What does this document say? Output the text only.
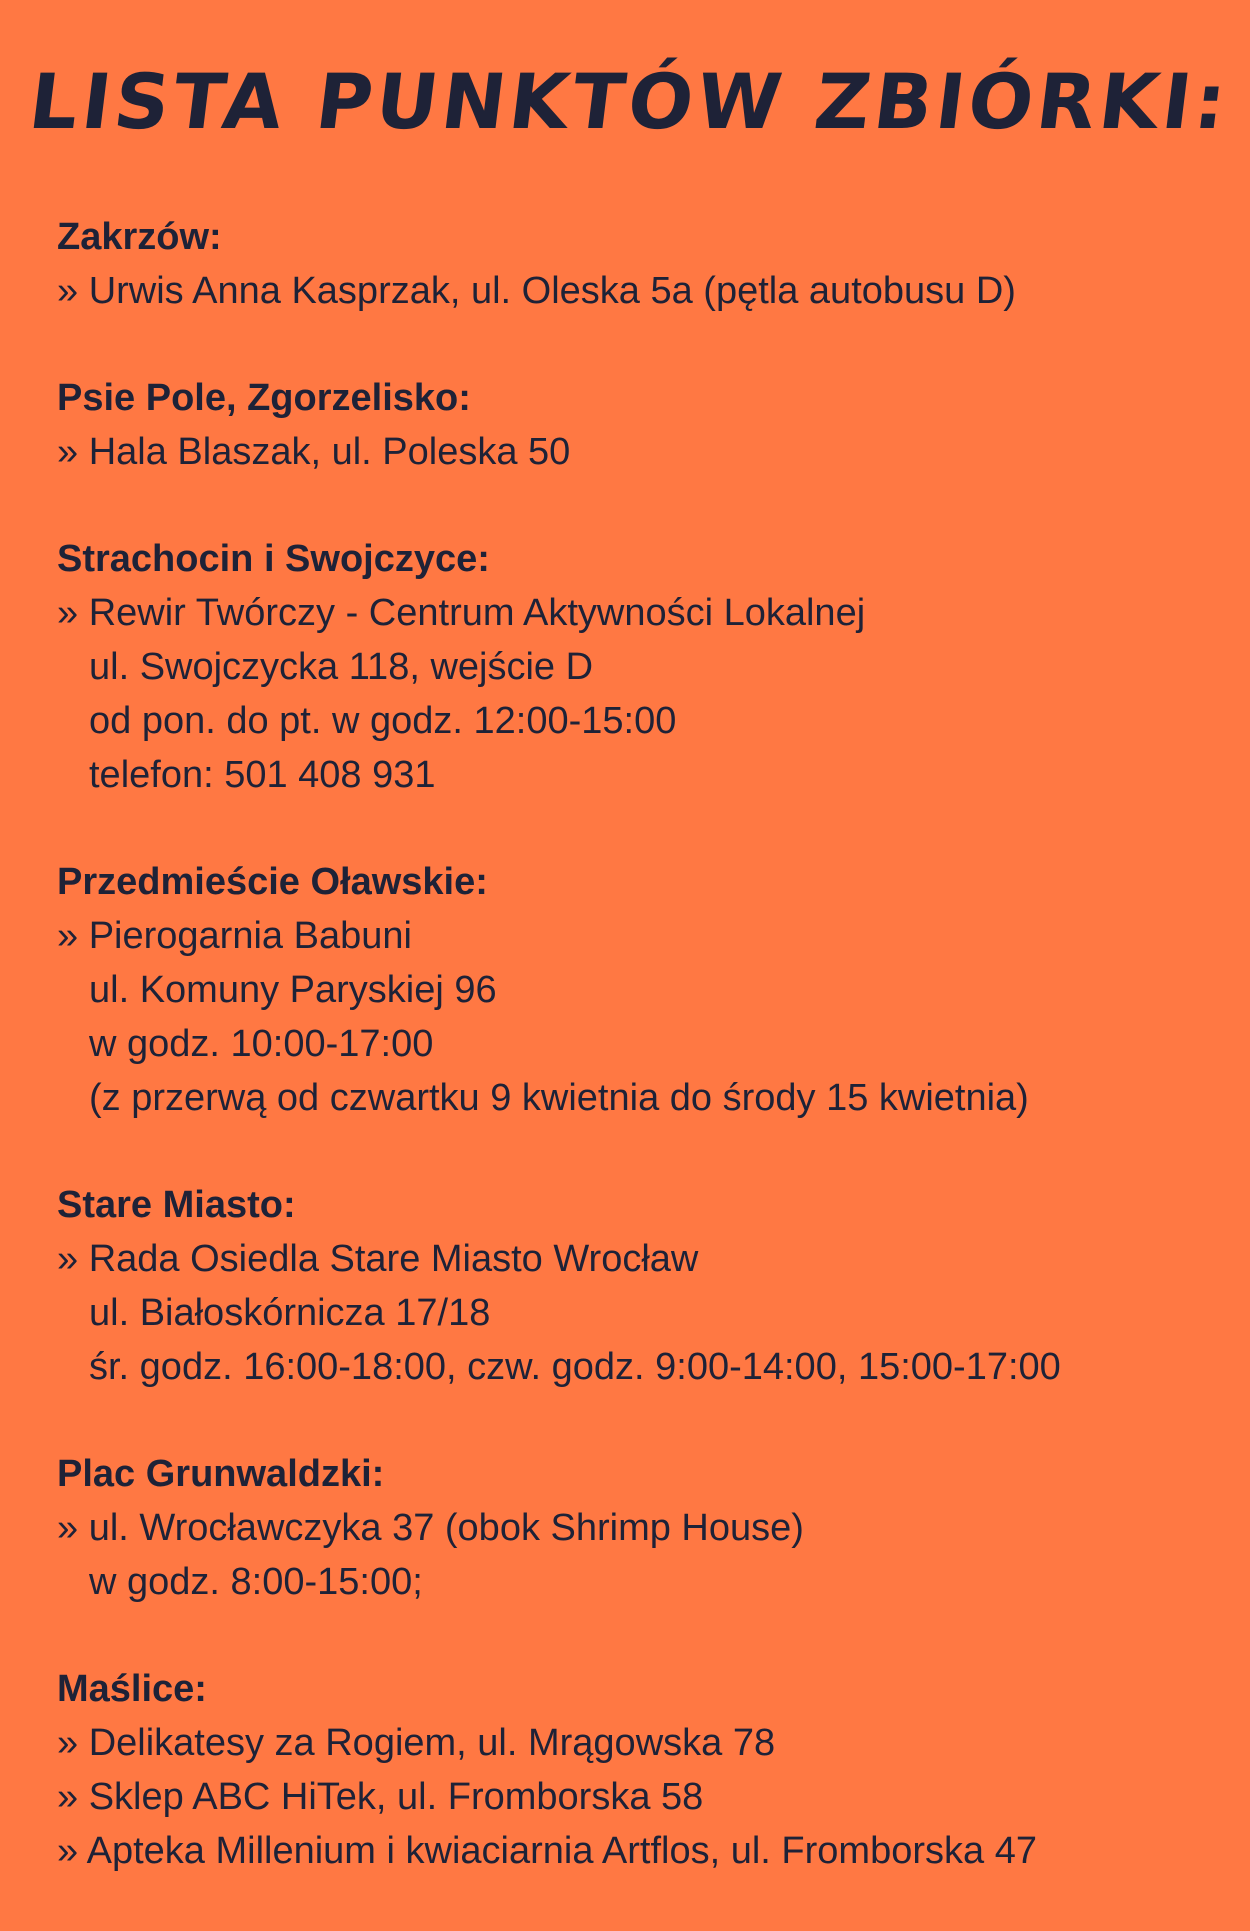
LISTA PUNKTÓW ZBIÓRKI:
Zakrzów:
» Urwis Anna Kasprzak, ul. Oleska 5a (pętla autobusu D)
Psie Pole, Zgorzelisko:
» Hala Blaszak, ul. Poleska 50
Strachocin i Swojczyce:
» Rewir Twórczy - Centrum Aktywności Lokalnej
ul. Swojczycka 118, wejście D
od pon. do pt. w godz. 12:00-15:00
telefon: 501 408 931
Przedmieście Oławskie:
» Pierogarnia Babuni
ul. Komuny Paryskiej 96
w godz. 10:00-17:00
(z przerwą od czwartku 9 kwietnia do środy 15 kwietnia)
Stare Miasto:
» Rada Osiedla Stare Miasto Wrocław
ul. Białoskórnicza 17/18
śr. godz. 16:00-18:00, czw. godz. 9:00-14:00, 15:00-17:00
Plac Grunwaldzki:
» ul. Wrocławczyka 37 (obok Shrimp House)
w godz. 8:00-15:00;
Maślice:
» Delikatesy za Rogiem, ul. Mrągowska 78
» Sklep ABC HiTek, ul. Fromborska 58
» Apteka Millenium i kwiaciarnia Artflos, ul. Fromborska 47
